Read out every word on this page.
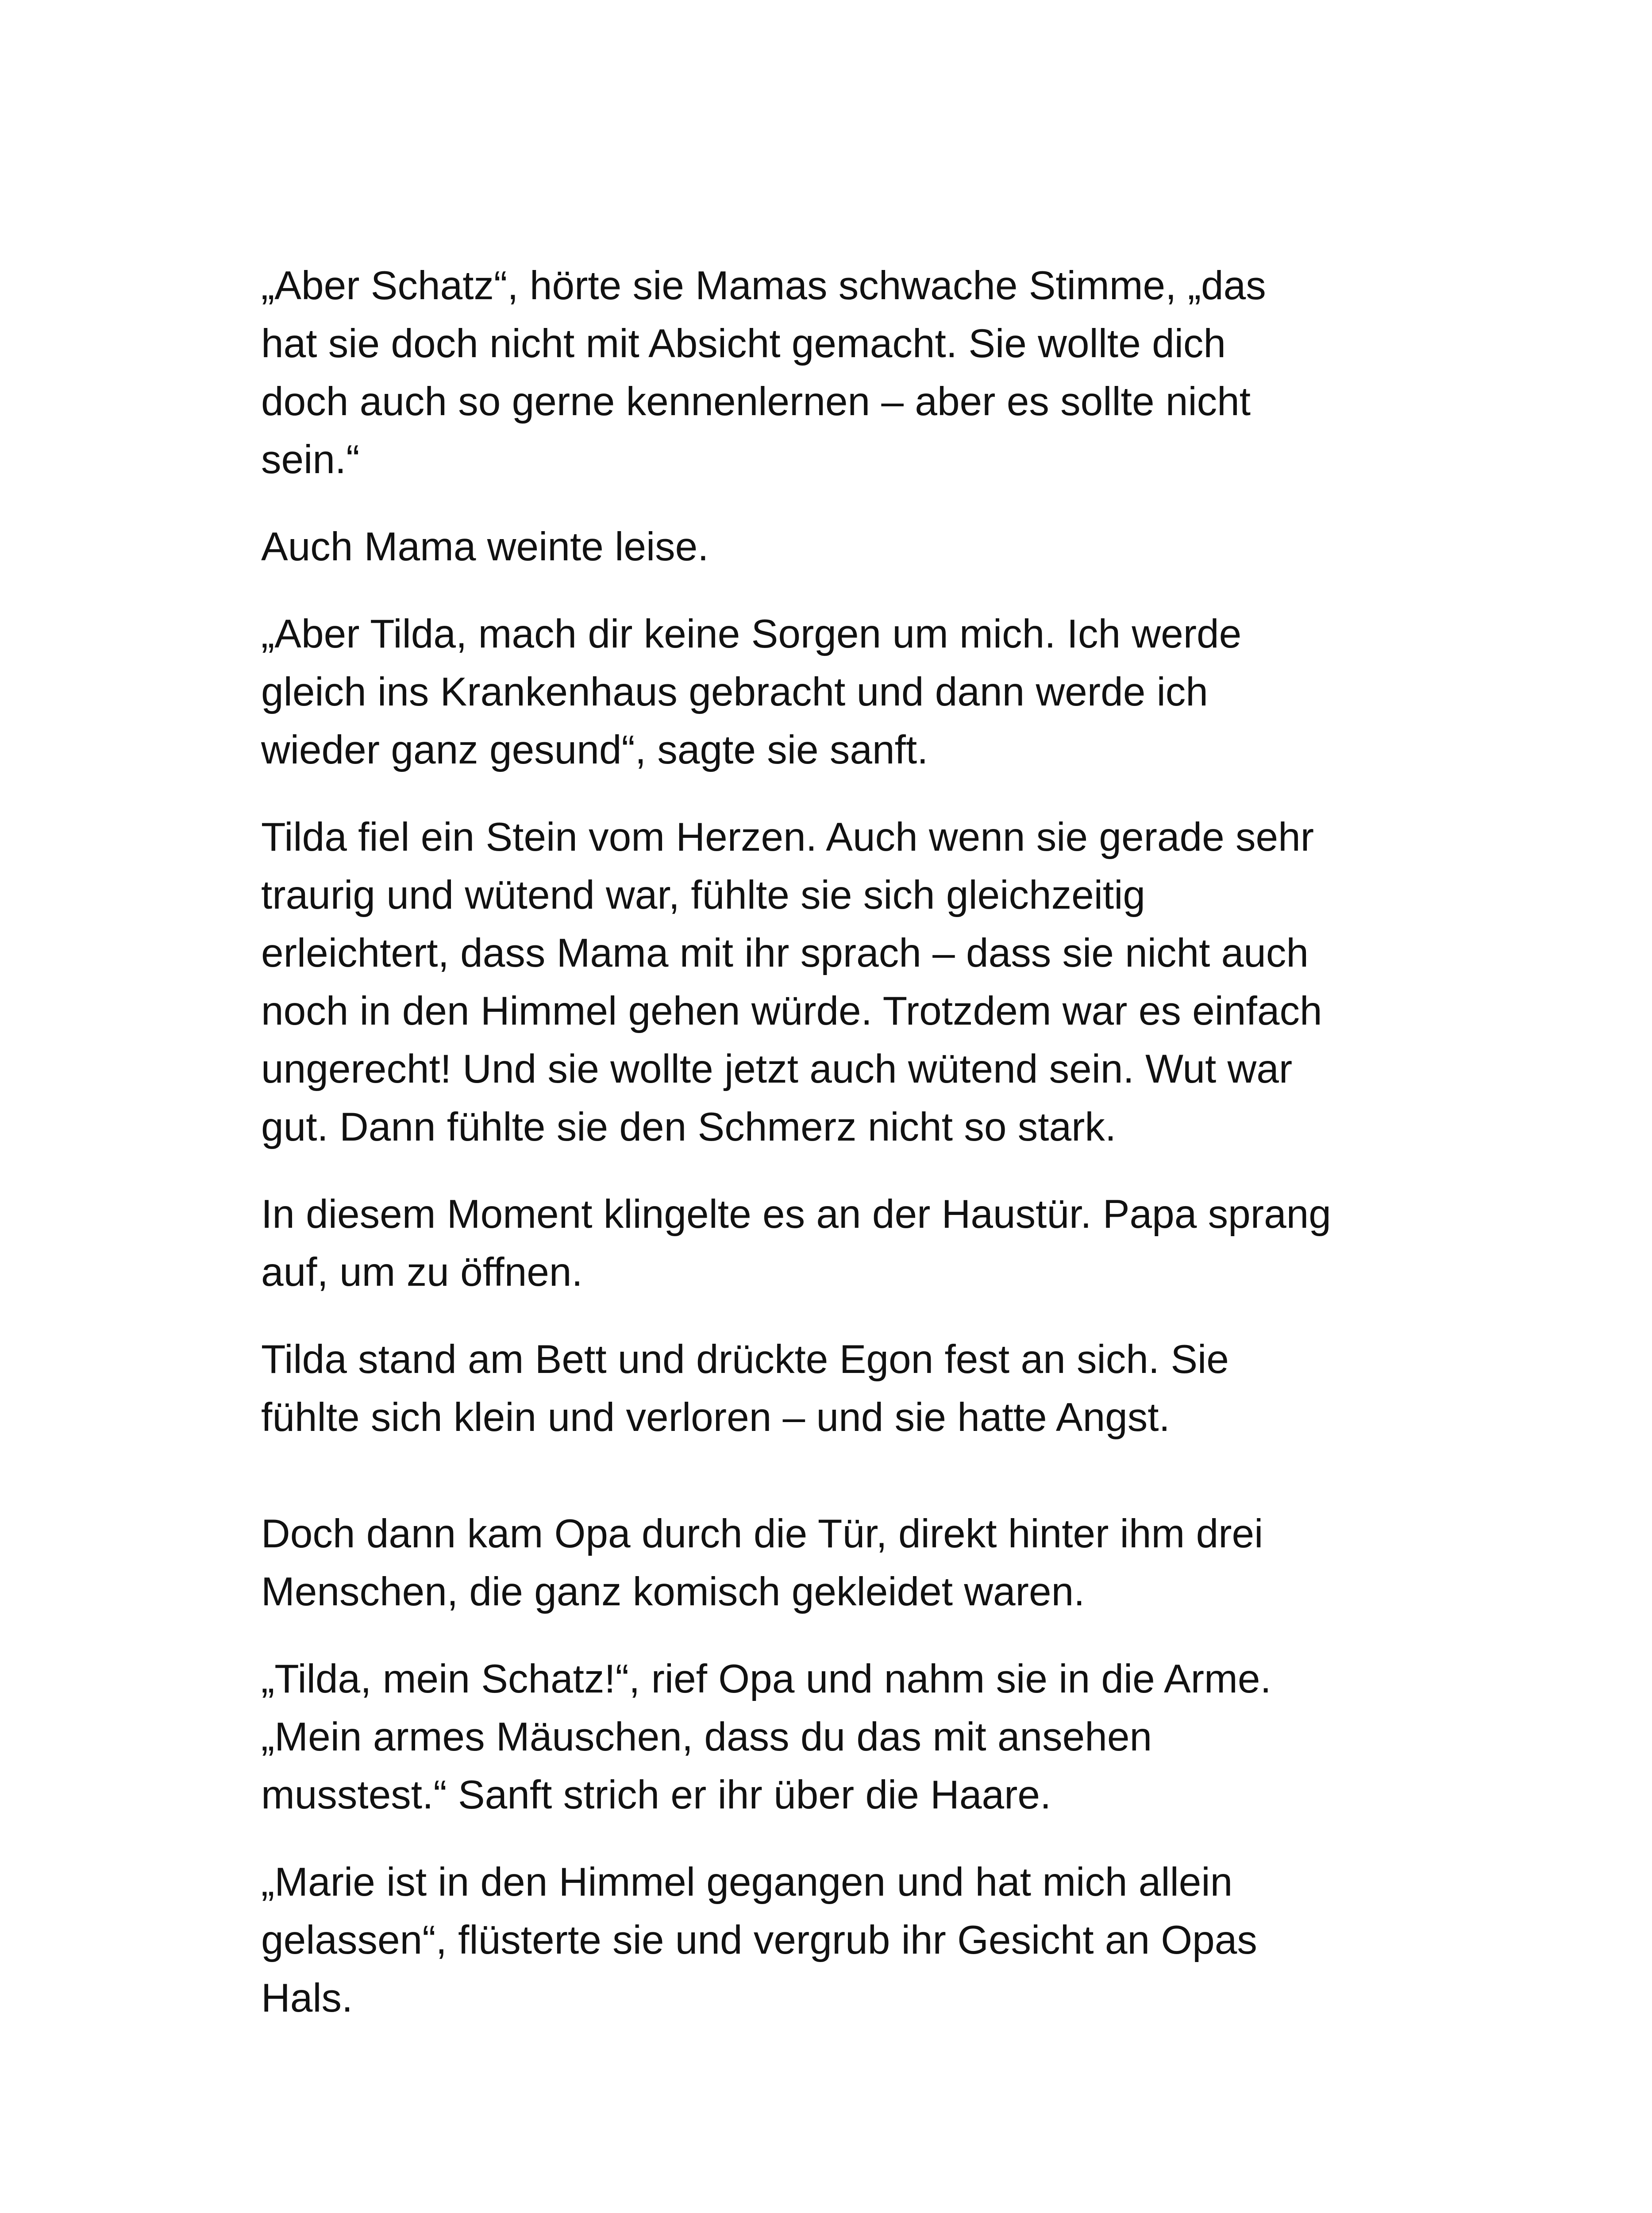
„Aber Schatz“, hörte sie Mamas schwache Stimme, „das
hat sie doch nicht mit Absicht gemacht. Sie wollte dich
doch auch so gerne kennenlernen – aber es sollte nicht
sein.“

Auch Mama weinte leise.

„Aber Tilda, mach dir keine Sorgen um mich. Ich werde
gleich ins Krankenhaus gebracht und dann werde ich
wieder ganz gesund“, sagte sie sanft.

Tilda fiel ein Stein vom Herzen. Auch wenn sie gerade sehr
traurig und wütend war, fühlte sie sich gleichzeitig
erleichtert, dass Mama mit ihr sprach – dass sie nicht auch
noch in den Himmel gehen würde. Trotzdem war es einfach
ungerecht! Und sie wollte jetzt auch wütend sein. Wut war
gut. Dann fühlte sie den Schmerz nicht so stark.

In diesem Moment klingelte es an der Haustür. Papa sprang
auf, um zu öffnen.

Tilda stand am Bett und drückte Egon fest an sich. Sie
fühlte sich klein und verloren – und sie hatte Angst.

Doch dann kam Opa durch die Tür, direkt hinter ihm drei
Menschen, die ganz komisch gekleidet waren.

„Tilda, mein Schatz!“, rief Opa und nahm sie in die Arme.
„Mein armes Mäuschen, dass du das mit ansehen
musstest.“ Sanft strich er ihr über die Haare.

„Marie ist in den Himmel gegangen und hat mich allein
gelassen“, flüsterte sie und vergrub ihr Gesicht an Opas
Hals.
